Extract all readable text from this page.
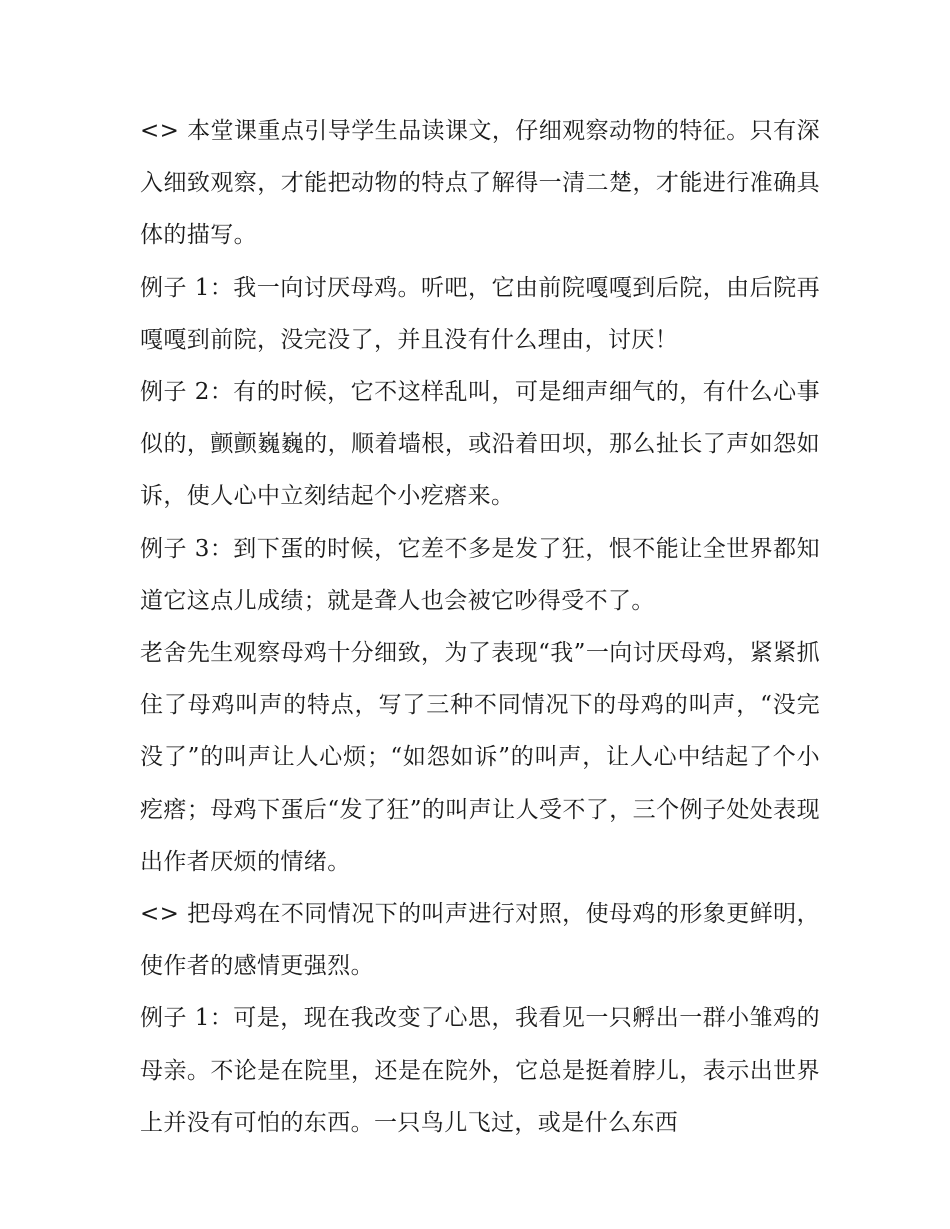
<> 本堂课重点引导学生品读课文，仔细观察动物的特征。只有深入细致观察，才能把动物的特点了解得一清二楚，才能进行准确具体的描写。

例子 1：我一向讨厌母鸡。听吧，它由前院嘎嘎到后院，由后院再嘎嘎到前院，没完没了，并且没有什么理由，讨厌！

例子 2：有的时候，它不这样乱叫，可是细声细气的，有什么心事似的，颤颤巍巍的，顺着墙根，或沿着田坝，那么扯长了声如怨如诉，使人心中立刻结起个小疙瘩来。

例子 3：到下蛋的时候，它差不多是发了狂，恨不能让全世界都知道它这点儿成绩；就是聋人也会被它吵得受不了。

老舍先生观察母鸡十分细致，为了表现“我”一向讨厌母鸡，紧紧抓住了母鸡叫声的特点，写了三种不同情况下的母鸡的叫声，“没完没了”的叫声让人心烦；“如怨如诉”的叫声，让人心中结起了个小疙瘩；母鸡下蛋后“发了狂”的叫声让人受不了，三个例子处处表现出作者厌烦的情绪。

<> 把母鸡在不同情况下的叫声进行对照，使母鸡的形象更鲜明，使作者的感情更强烈。

例子 1：可是，现在我改变了心思，我看见一只孵出一群小雏鸡的母亲。不论是在院里，还是在院外，它总是挺着脖儿，表示出世界上并没有可怕的东西。一只鸟儿飞过，或是什么东西
